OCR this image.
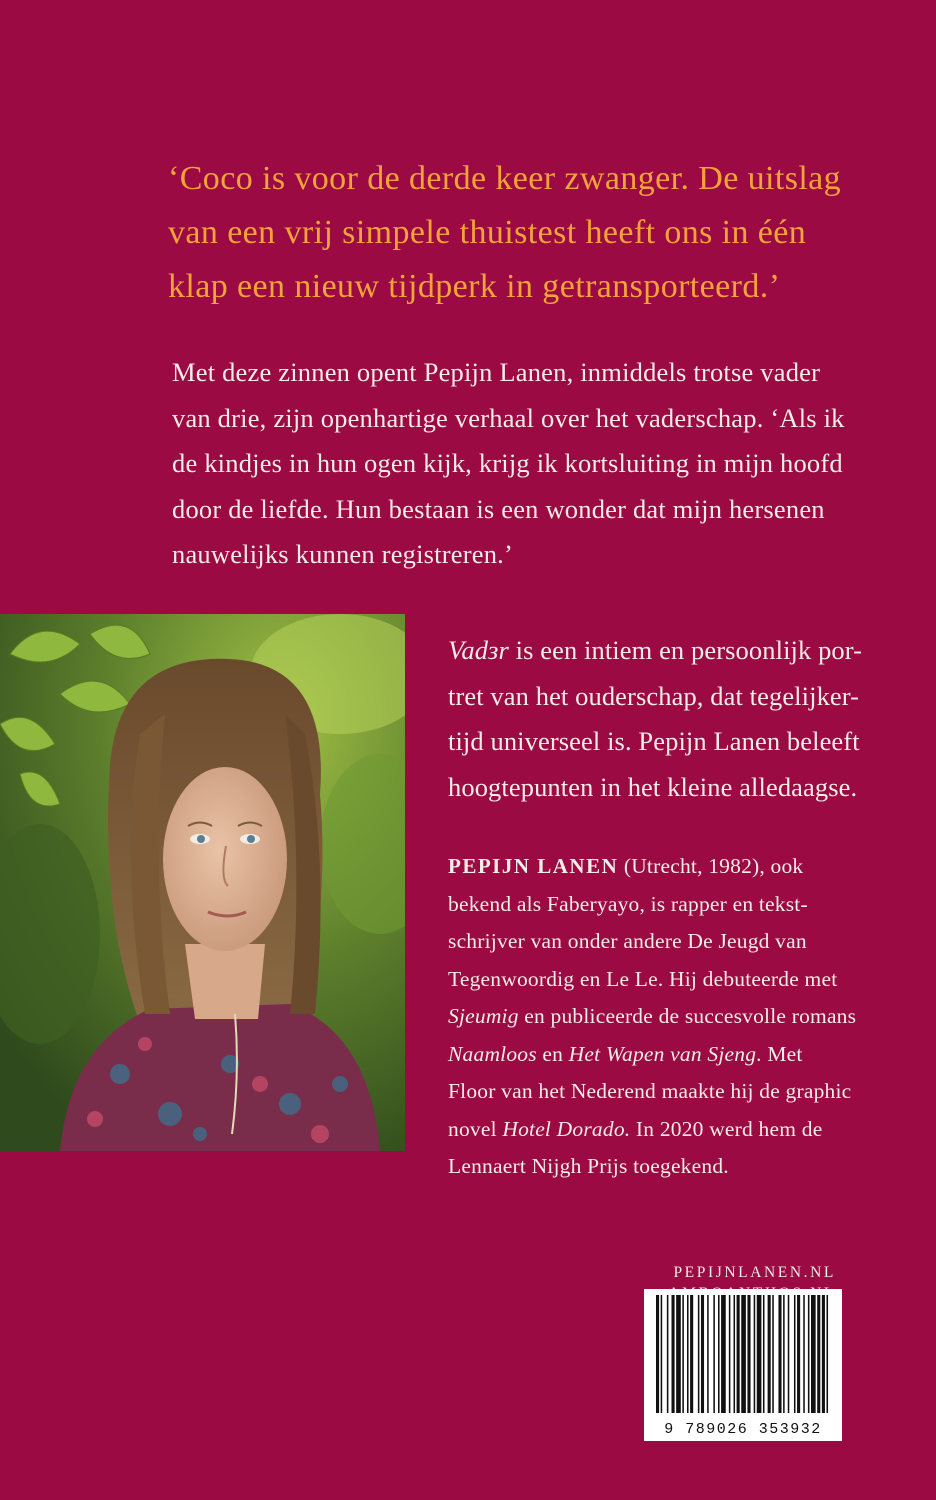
‘Coco is voor de derde keer zwanger. De uitslag
van een vrij simpele thuistest heeft ons in één
klap een nieuw tijdperk in getransporteerd.’

Met deze zinnen opent Pepijn Lanen, inmiddels trotse vader
van drie, zijn openhartige verhaal over het vaderschap. ‘Als ik
de kindjes in hun ogen kijk, krijg ik kortsluiting in mijn hoofd
door de liefde. Hun bestaan is een wonder dat mijn hersenen
nauwelijks kunnen registreren.’

Vadзr is een intiem en persoonlijk por-
tret van het ouderschap, dat tegelijker-
tijd universeel is. Pepijn Lanen beleeft
hoogtepunten in het kleine alledaagse.

PEPIJN LANEN (Utrecht, 1982), ook
bekend als Faberyayo, is rapper en tekst-
schrijver van onder andere De Jeugd van
Tegenwoordig en Le Le. Hij debuteerde met
Sjeumig en publiceerde de succesvolle romans
Naamloos en Het Wapen van Sjeng. Met
Floor van het Nederend maakte hij de graphic
novel Hotel Dorado. In 2020 werd hem de
Lennaert Nijgh Prijs toegekend.

PEPIJNLANEN.NL
9 789026 353932
